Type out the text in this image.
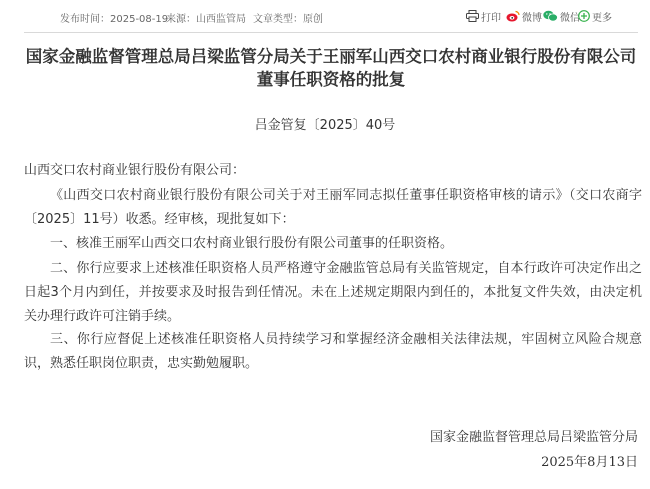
发布时间：2025-08-19
来源：山西监管局 文章类型：原创	打印 微博 微信 更多
国家金融监督管理总局吕梁监管分局关于王丽军山西交口农村商业银行股份有限公司董事任职资格的批复
吕金管复〔2025〕40号

山西交口农村商业银行股份有限公司：

《山西交口农村商业银行股份有限公司关于对王丽军同志拟任董事任职资格审核的请示》（交口农商字〔2025〕11号）收悉。经审核，现批复如下：

一、核准王丽军山西交口农村商业银行股份有限公司董事的任职资格。

二、你行应要求上述核准任职资格人员严格遵守金融监管总局有关监管规定，自本行政许可决定作出之日起3个月内到任，并按要求及时报告到任情况。未在上述规定期限内到任的，本批复文件失效，由决定机关办理行政许可注销手续。

三、你行应督促上述核准任职资格人员持续学习和掌握经济金融相关法律法规，牢固树立风险合规意识，熟悉任职岗位职责，忠实勤勉履职。

国家金融监督管理总局吕梁监管分局
2025年8月13日
